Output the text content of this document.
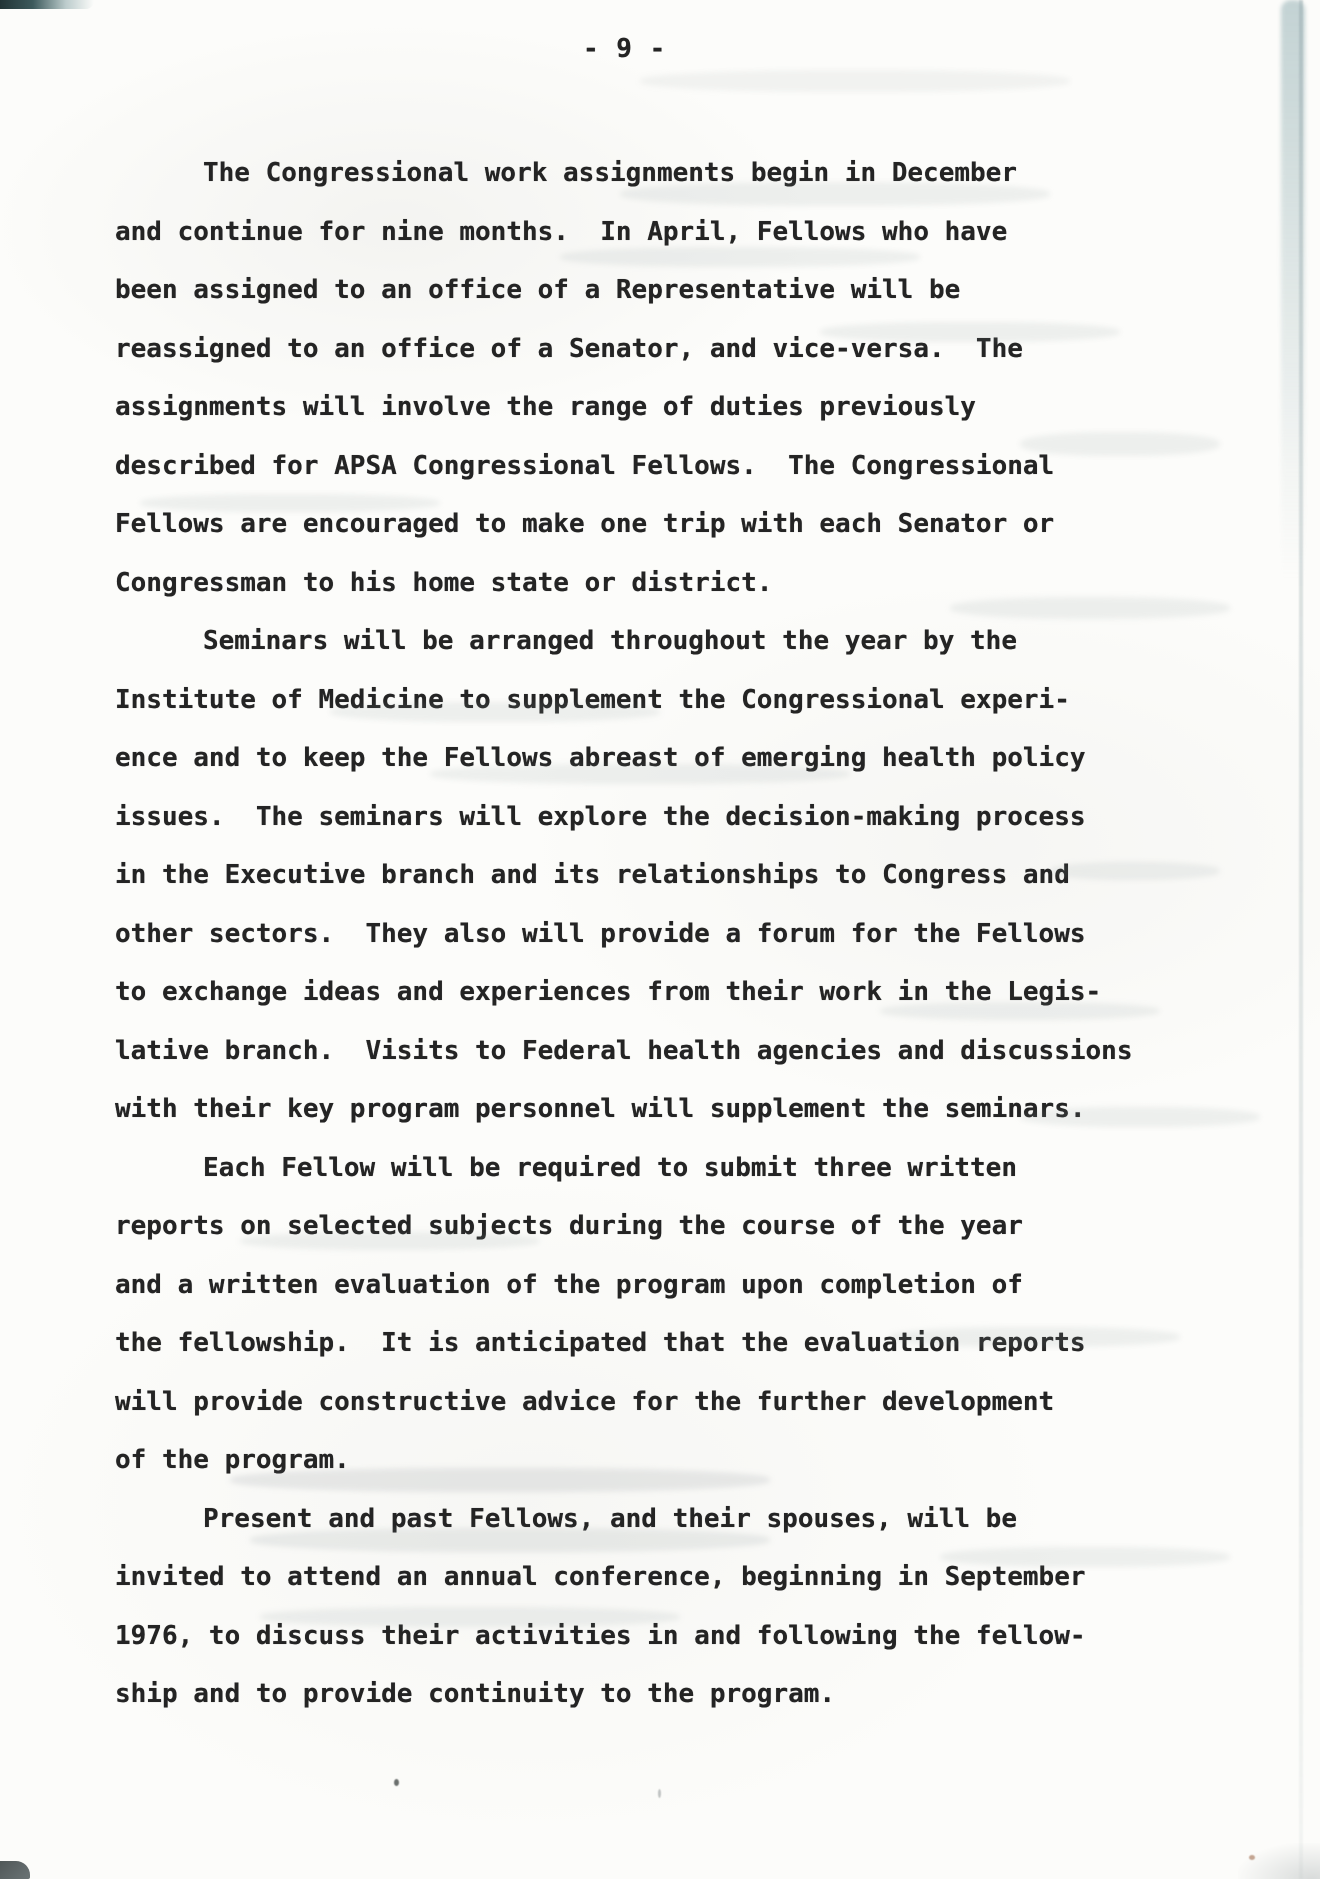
- 9 -
The Congressional work assignments begin in December
and continue for nine months.  In April, Fellows who have
been assigned to an office of a Representative will be
reassigned to an office of a Senator, and vice-versa.  The
assignments will involve the range of duties previously
described for APSA Congressional Fellows.  The Congressional
Fellows are encouraged to make one trip with each Senator or
Congressman to his home state or district.
Seminars will be arranged throughout the year by the
Institute of Medicine to supplement the Congressional experi-
ence and to keep the Fellows abreast of emerging health policy
issues.  The seminars will explore the decision-making process
in the Executive branch and its relationships to Congress and
other sectors.  They also will provide a forum for the Fellows
to exchange ideas and experiences from their work in the Legis-
lative branch.  Visits to Federal health agencies and discussions
with their key program personnel will supplement the seminars.
Each Fellow will be required to submit three written
reports on selected subjects during the course of the year
and a written evaluation of the program upon completion of
the fellowship.  It is anticipated that the evaluation reports
will provide constructive advice for the further development
of the program.
Present and past Fellows, and their spouses, will be
invited to attend an annual conference, beginning in September
1976, to discuss their activities in and following the fellow-
ship and to provide continuity to the program.
